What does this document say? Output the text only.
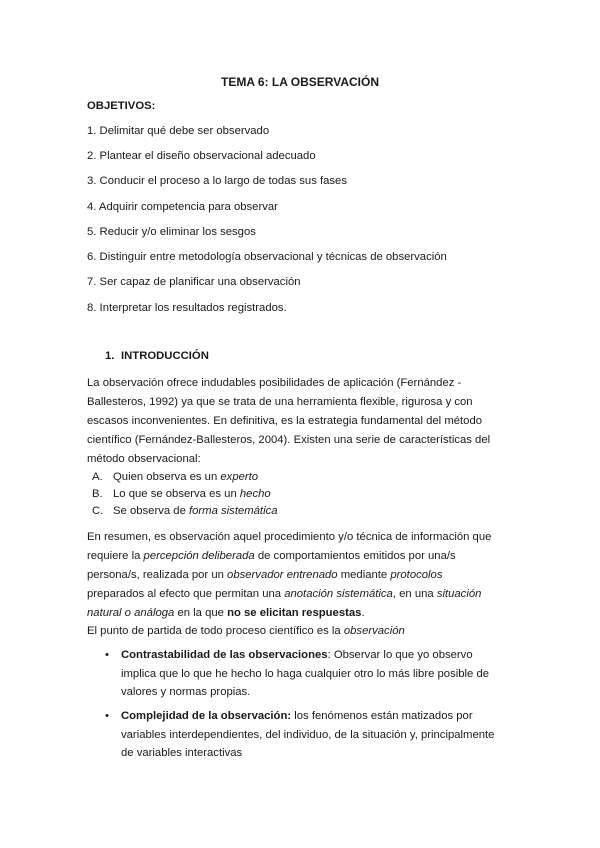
TEMA 6: LA OBSERVACIÓN
OBJETIVOS:
1. Delimitar qué debe ser observado
2. Plantear el diseño observacional adecuado
3. Conducir el proceso a lo largo de todas sus fases
4. Adquirir competencia para observar
5. Reducir y/o eliminar los sesgos
6. Distinguir entre metodología observacional y técnicas de observación
7. Ser capaz de planificar una observación
8. Interpretar los resultados registrados.
1. INTRODUCCIÓN
La observación ofrece indudables posibilidades de aplicación (Fernández -
Ballesteros, 1992) ya que se trata de una herramienta flexible, rigurosa y con
escasos inconvenientes. En definitiva, es la estrategia fundamental del método
científico (Fernández-Ballesteros, 2004). Existen una serie de características del
método observacional:
A. Quien observa es un experto
B. Lo que se observa es un hecho
C. Se observa de forma sistemática
En resumen, es observación aquel procedimiento y/o técnica de información que
requiere la percepción deliberada de comportamientos emitidos por una/s
persona/s, realizada por un observador entrenado mediante protocolos
preparados al efecto que permitan una anotación sistemática, en una situación
natural o análoga en la que no se elicitan respuestas.
El punto de partida de todo proceso científico es la observación
• Contrastabilidad de las observaciones: Observar lo que yo observo
implica que lo que he hecho lo haga cualquier otro lo más libre posible de
valores y normas propias.
• Complejidad de la observación: los fenómenos están matizados por
variables interdependientes, del individuo, de la situación y, principalmente
de variables interactivas
